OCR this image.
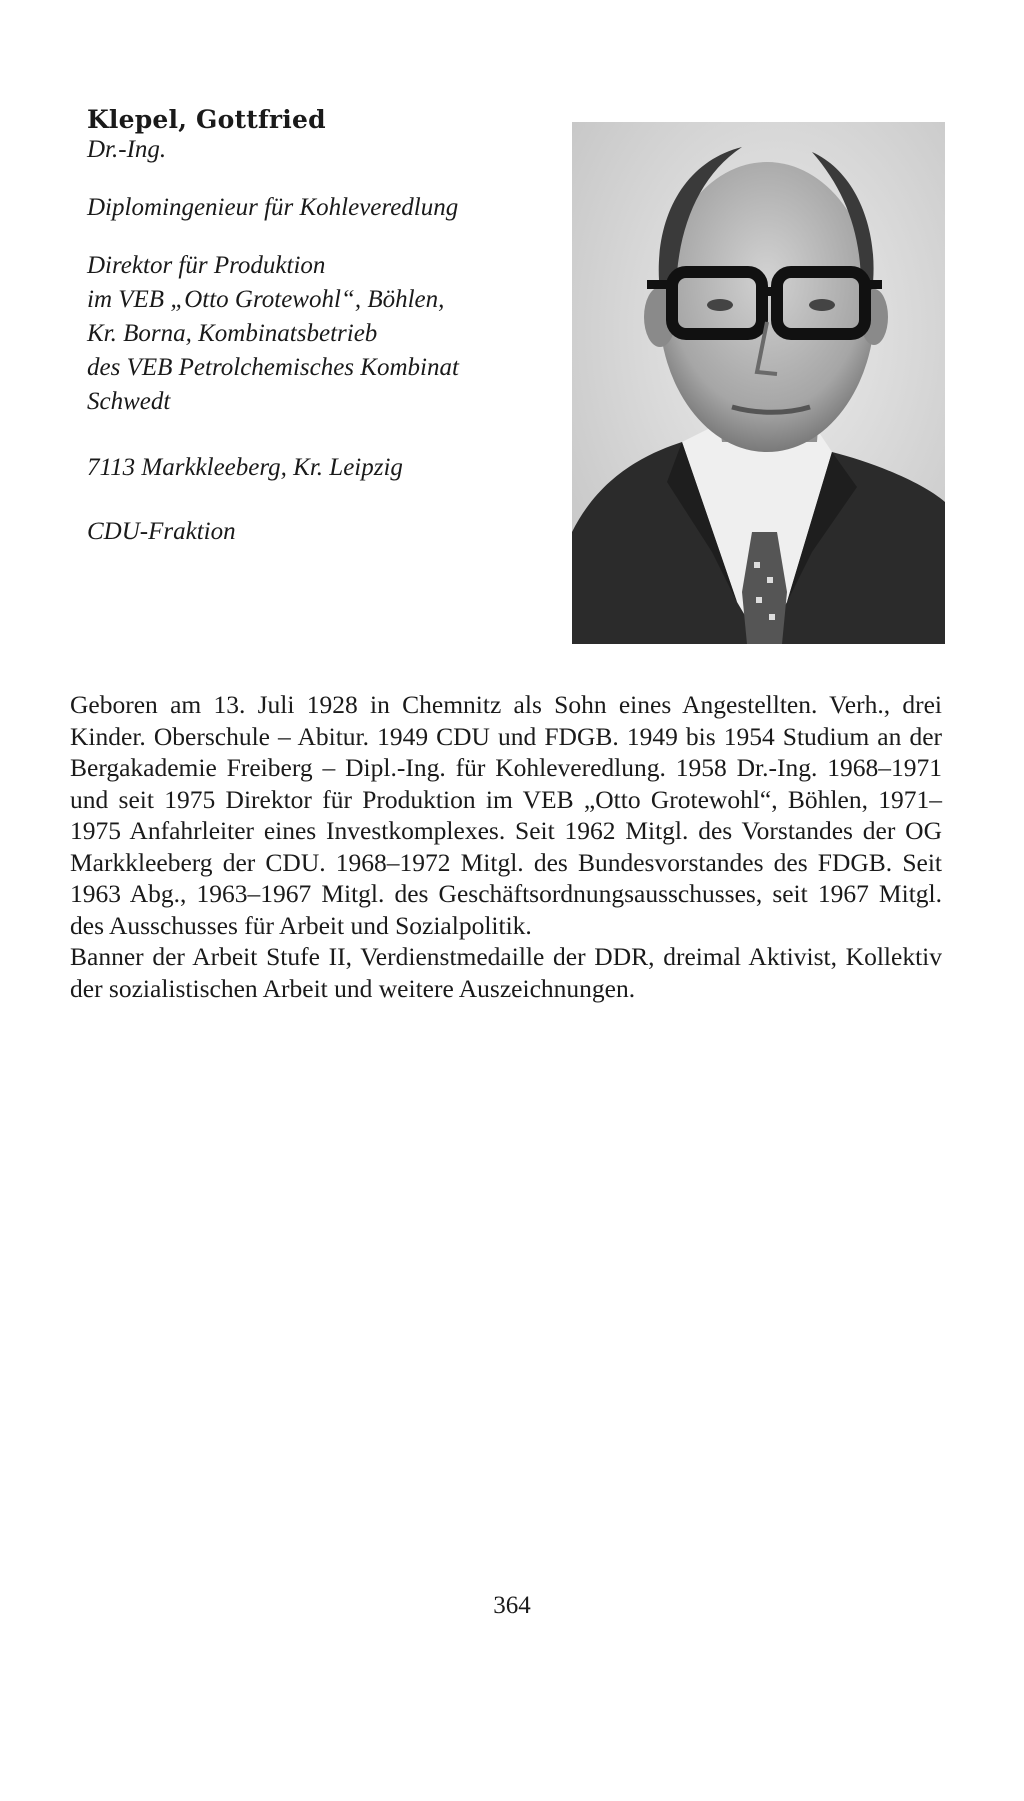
Klepel, Gottfried

Dr.-Ing.

Diplomingenieur für Kohleveredlung

Direktor für Produktion

im VEB „Otto Grotewohl“, Böhlen,

Kr. Borna, Kombinatsbetrieb

des VEB Petrolchemisches Kombinat

Schwedt

7113 Markkleeberg, Kr. Leipzig

CDU-Fraktion

Geboren am 13. Juli 1928 in Chemnitz als Sohn eines Angestellten. Verh., drei Kinder. Oberschule – Abitur. 1949 CDU und FDGB. 1949 bis 1954 Studium an der Bergakademie Freiberg – Dipl.-Ing. für Kohleveredlung. 1958 Dr.-Ing. 1968–1971 und seit 1975 Direktor für Produktion im VEB „Otto Grotewohl“, Böhlen, 1971–1975 Anfahrleiter eines Investkomplexes. Seit 1962 Mitgl. des Vorstandes der OG Markkleeberg der CDU. 1968–1972 Mitgl. des Bundesvorstandes des FDGB. Seit 1963 Abg., 1963–1967 Mitgl. des Geschäftsordnungsausschusses, seit 1967 Mitgl. des Ausschusses für Arbeit und Sozialpolitik.

Banner der Arbeit Stufe II, Verdienstmedaille der DDR, dreimal Aktivist, Kollektiv der sozialistischen Arbeit und weitere Auszeichnungen.

364
